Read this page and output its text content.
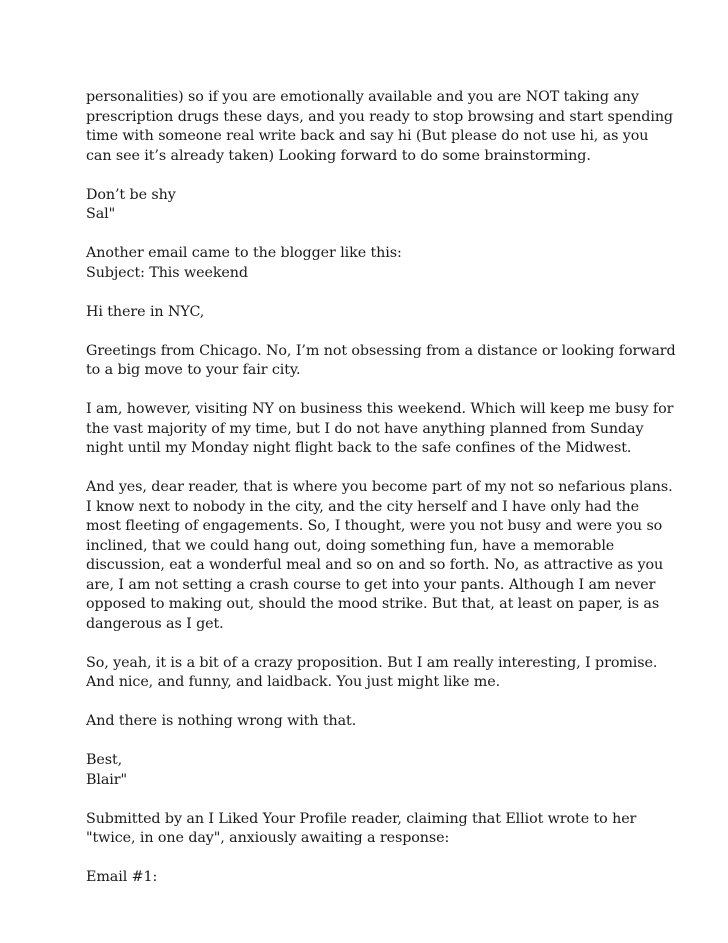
personalities) so if you are emotionally available and you are NOT taking any
prescription drugs these days, and you ready to stop browsing and start spending
time with someone real write back and say hi (But please do not use hi, as you
can see it’s already taken) Looking forward to do some brainstorming.

Don’t be shy
Sal"

Another email came to the blogger like this:
Subject: This weekend

Hi there in NYC,

Greetings from Chicago. No, I’m not obsessing from a distance or looking forward
to a big move to your fair city.

I am, however, visiting NY on business this weekend. Which will keep me busy for
the vast majority of my time, but I do not have anything planned from Sunday
night until my Monday night flight back to the safe confines of the Midwest.

And yes, dear reader, that is where you become part of my not so nefarious plans.
I know next to nobody in the city, and the city herself and I have only had the
most fleeting of engagements. So, I thought, were you not busy and were you so
inclined, that we could hang out, doing something fun, have a memorable
discussion, eat a wonderful meal and so on and so forth. No, as attractive as you
are, I am not setting a crash course to get into your pants. Although I am never
opposed to making out, should the mood strike. But that, at least on paper, is as
dangerous as I get.

So, yeah, it is a bit of a crazy proposition. But I am really interesting, I promise.
And nice, and funny, and laidback. You just might like me.

And there is nothing wrong with that.

Best,
Blair"

Submitted by an I Liked Your Profile reader, claiming that Elliot wrote to her
"twice, in one day", anxiously awaiting a response:

Email #1:
